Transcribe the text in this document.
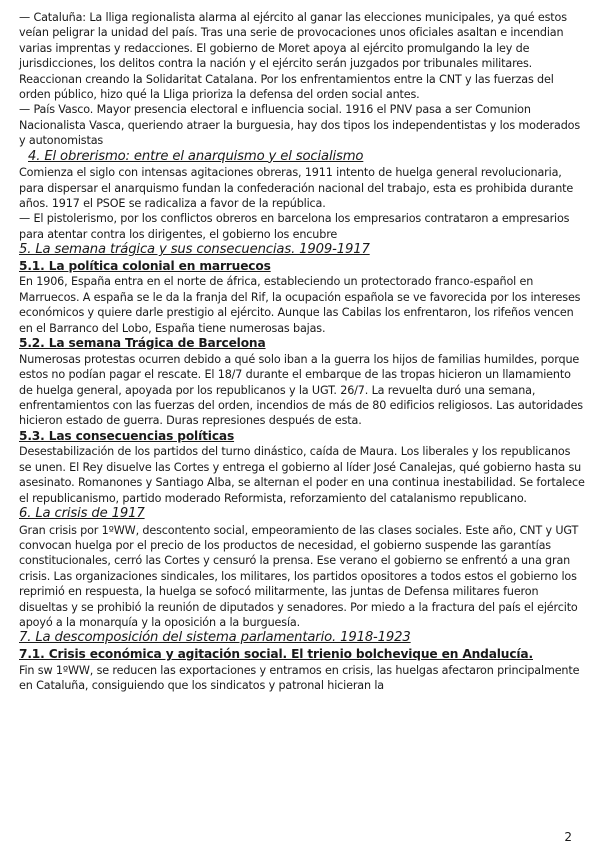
— Cataluña: La lliga regionalista alarma al ejército al ganar las elecciones municipales, ya qué estos veían peligrar la unidad del país. Tras una serie de provocaciones unos oficiales asaltan e incendian varias imprentas y redacciones. El gobierno de Moret apoya al ejército promulgando la ley de jurisdicciones, los delitos contra la nación y el ejército serán juzgados por tribunales militares. Reaccionan creando la Solidaritat Catalana. Por los enfrentamientos entre la CNT y las fuerzas del orden público, hizo qué la Lliga prioriza la defensa del orden social antes.

— País Vasco. Mayor presencia electoral e influencia social. 1916 el PNV pasa a ser Comunion Nacionalista Vasca, queriendo atraer la burguesia, hay dos tipos los independentistas y los moderados y autonomistas

4. El obrerismo: entre el anarquismo y el socialismo

Comienza el siglo con intensas agitaciones obreras, 1911 intento de huelga general revolucionaria, para dispersar el anarquismo fundan la confederación nacional del trabajo, esta es prohibida durante años. 1917 el PSOE se radicaliza a favor de la república.

— El pistolerismo, por los conflictos obreros en barcelona los empresarios contrataron a empresarios para atentar contra los dirigentes, el gobierno los encubre

5. La semana trágica y sus consecuencias. 1909-1917

5.1. La política colonial en marruecos

En 1906, España entra en el norte de áfrica, estableciendo un protectorado franco-español en Marruecos. A españa se le da la franja del Rif, la ocupación española se ve favorecida por los intereses económicos y quiere darle prestigio al ejército. Aunque las Cabilas los enfrentaron, los rifeños vencen en el Barranco del Lobo, España tiene numerosas bajas.

5.2. La semana Trágica de Barcelona

Numerosas protestas ocurren debido a qué solo iban a la guerra los hijos de familias humildes, porque estos no podían pagar el rescate. El 18/7 durante el embarque de las tropas hicieron un llamamiento de huelga general, apoyada por los republicanos y la UGT. 26/7. La revuelta duró una semana, enfrentamientos con las fuerzas del orden, incendios de más de 80 edificios religiosos. Las autoridades hicieron estado de guerra. Duras represiones después de esta.

5.3. Las consecuencias políticas

Desestabilización de los partidos del turno dinástico, caída de Maura. Los liberales y los republicanos se unen. El Rey disuelve las Cortes y entrega el gobierno al líder José Canalejas, qué gobierno hasta su asesinato. Romanones y Santiago Alba, se alternan el poder en una continua inestabilidad. Se fortalece el republicanismo, partido moderado Reformista, reforzamiento del catalanismo republicano.

6. La crisis de 1917

Gran crisis por 1ºWW, descontento social, empeoramiento de las clases sociales. Este año, CNT y UGT convocan huelga por el precio de los productos de necesidad, el gobierno suspende las garantías constitucionales, cerró las Cortes y censuró la prensa. Ese verano el gobierno se enfrentó a una gran crisis. Las organizaciones sindicales, los militares, los partidos opositores a todos estos el gobierno los reprimió en respuesta, la huelga se sofocó militarmente, las juntas de Defensa militares fueron disueltas y se prohibió la reunión de diputados y senadores. Por miedo a la fractura del país el ejército apoyó a la monarquía y la oposición a la burguesía.

7. La descomposición del sistema parlamentario. 1918-1923

7.1. Crisis económica y agitación social. El trienio bolchevique en Andalucía.

Fin sw 1ºWW, se reducen las exportaciones y entramos en crisis, las huelgas afectaron principalmente en Cataluña, consiguiendo que los sindicatos y patronal hicieran la

2
